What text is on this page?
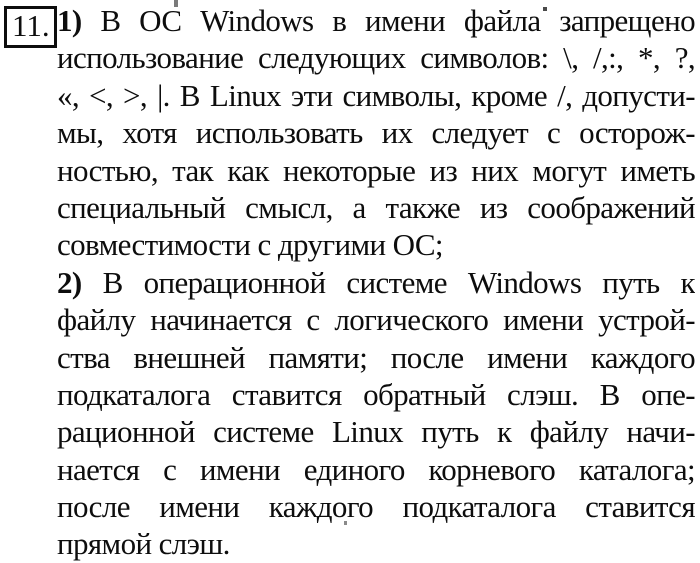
11. 1) В ОС Windows в имени файла запрещено
использование следующих символов: \, /,:, *, ?,
«, <, >, |. В Linux эти символы, кроме /, допусти-
мы, хотя использовать их следует с осторож-
ностью, так как некоторые из них могут иметь
специальный смысл, а также из соображений
совместимости с другими ОС;
2) В операционной системе Windows путь к
файлу начинается с логического имени устрой-
ства внешней памяти; после имени каждого
подкаталога ставится обратный слэш. В опе-
рационной системе Linux путь к файлу начи-
нается с имени единого корневого каталога;
после имени каждого подкаталога ставится
прямой слэш.
